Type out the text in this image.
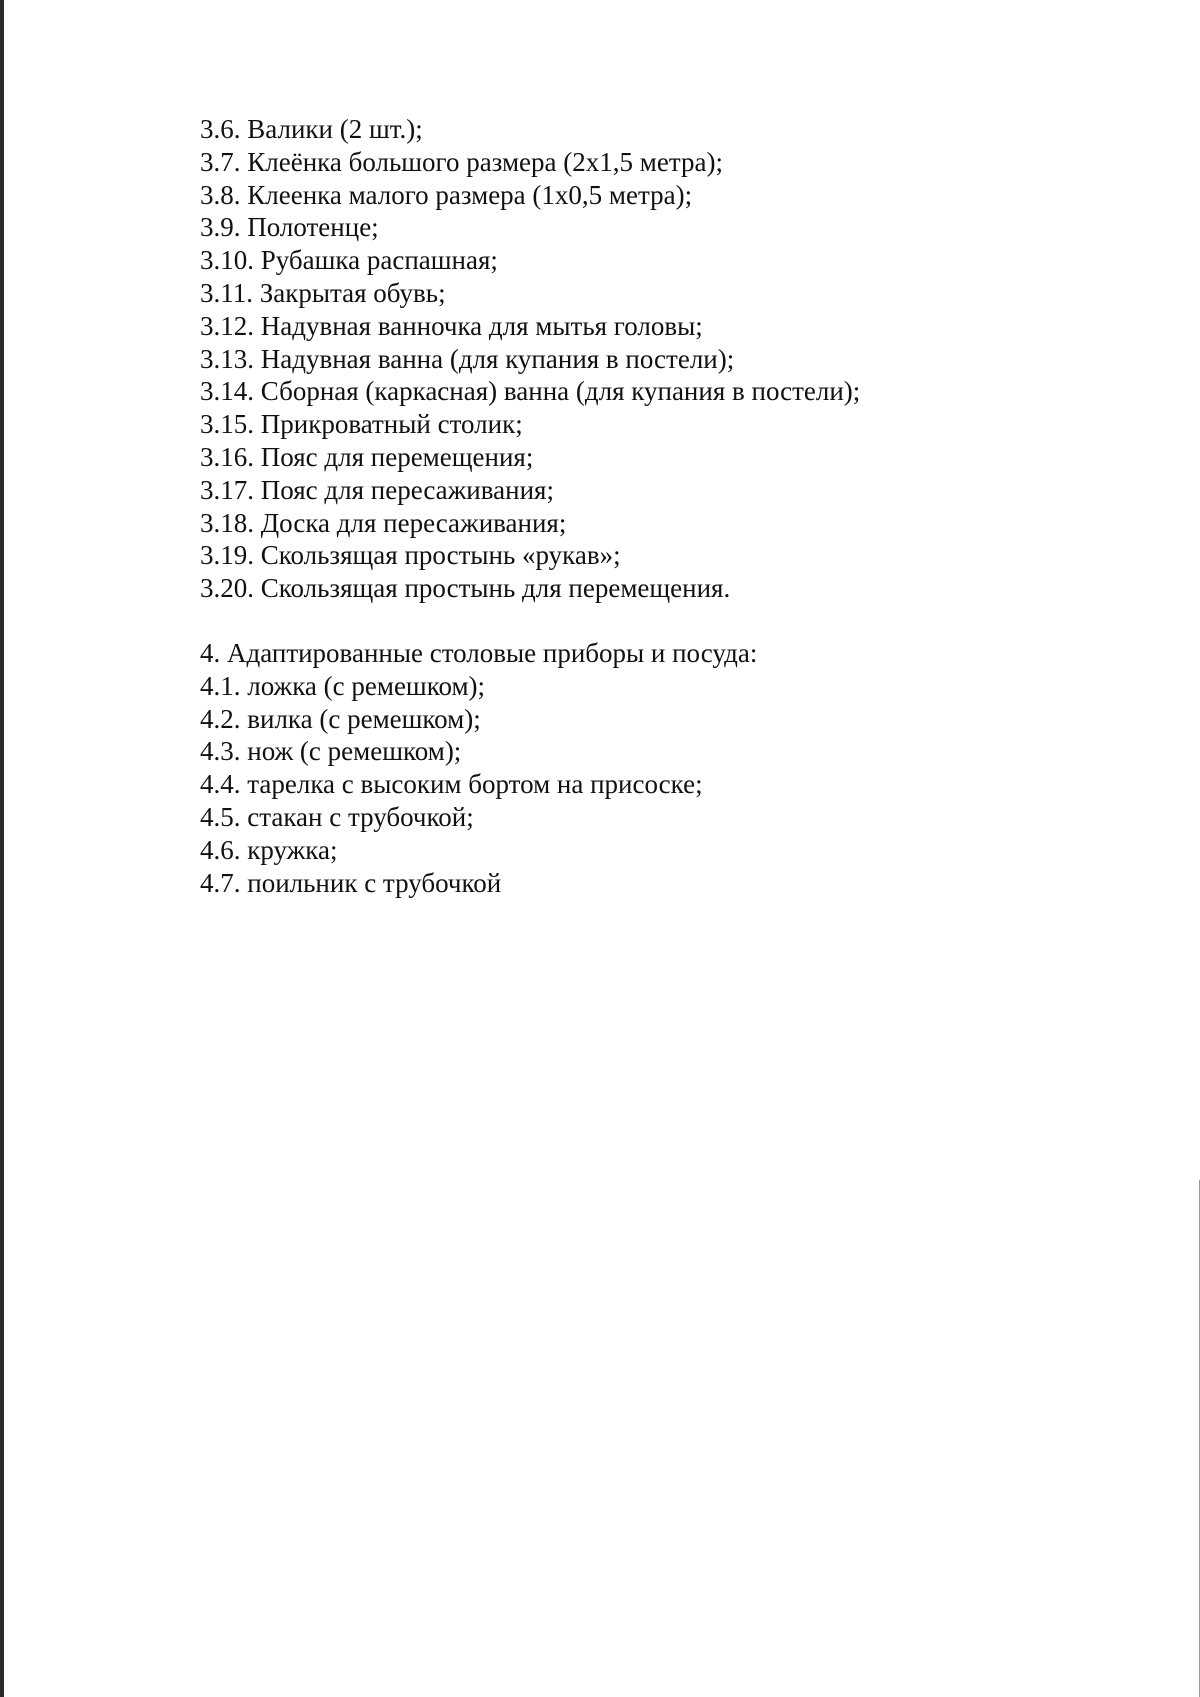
3.6. Валики (2 шт.);
3.7. Клеёнка большого размера (2x1,5 метра);
3.8. Клеенка малого размера (1x0,5 метра);
3.9. Полотенце;
3.10. Рубашка распашная;
3.11. Закрытая обувь;
3.12. Надувная ванночка для мытья головы;
3.13. Надувная ванна (для купания в постели);
3.14. Сборная (каркасная) ванна (для купания в постели);
3.15. Прикроватный столик;
3.16. Пояс для перемещения;
3.17. Пояс для пересаживания;
3.18. Доска для пересаживания;
3.19. Скользящая простынь «рукав»;
3.20. Скользящая простынь для перемещения.
4. Адаптированные столовые приборы и посуда:
4.1. ложка (с ремешком);
4.2. вилка (с ремешком);
4.3. нож (с ремешком);
4.4. тарелка с высоким бортом на присоске;
4.5. стакан с трубочкой;
4.6. кружка;
4.7. поильник с трубочкой
